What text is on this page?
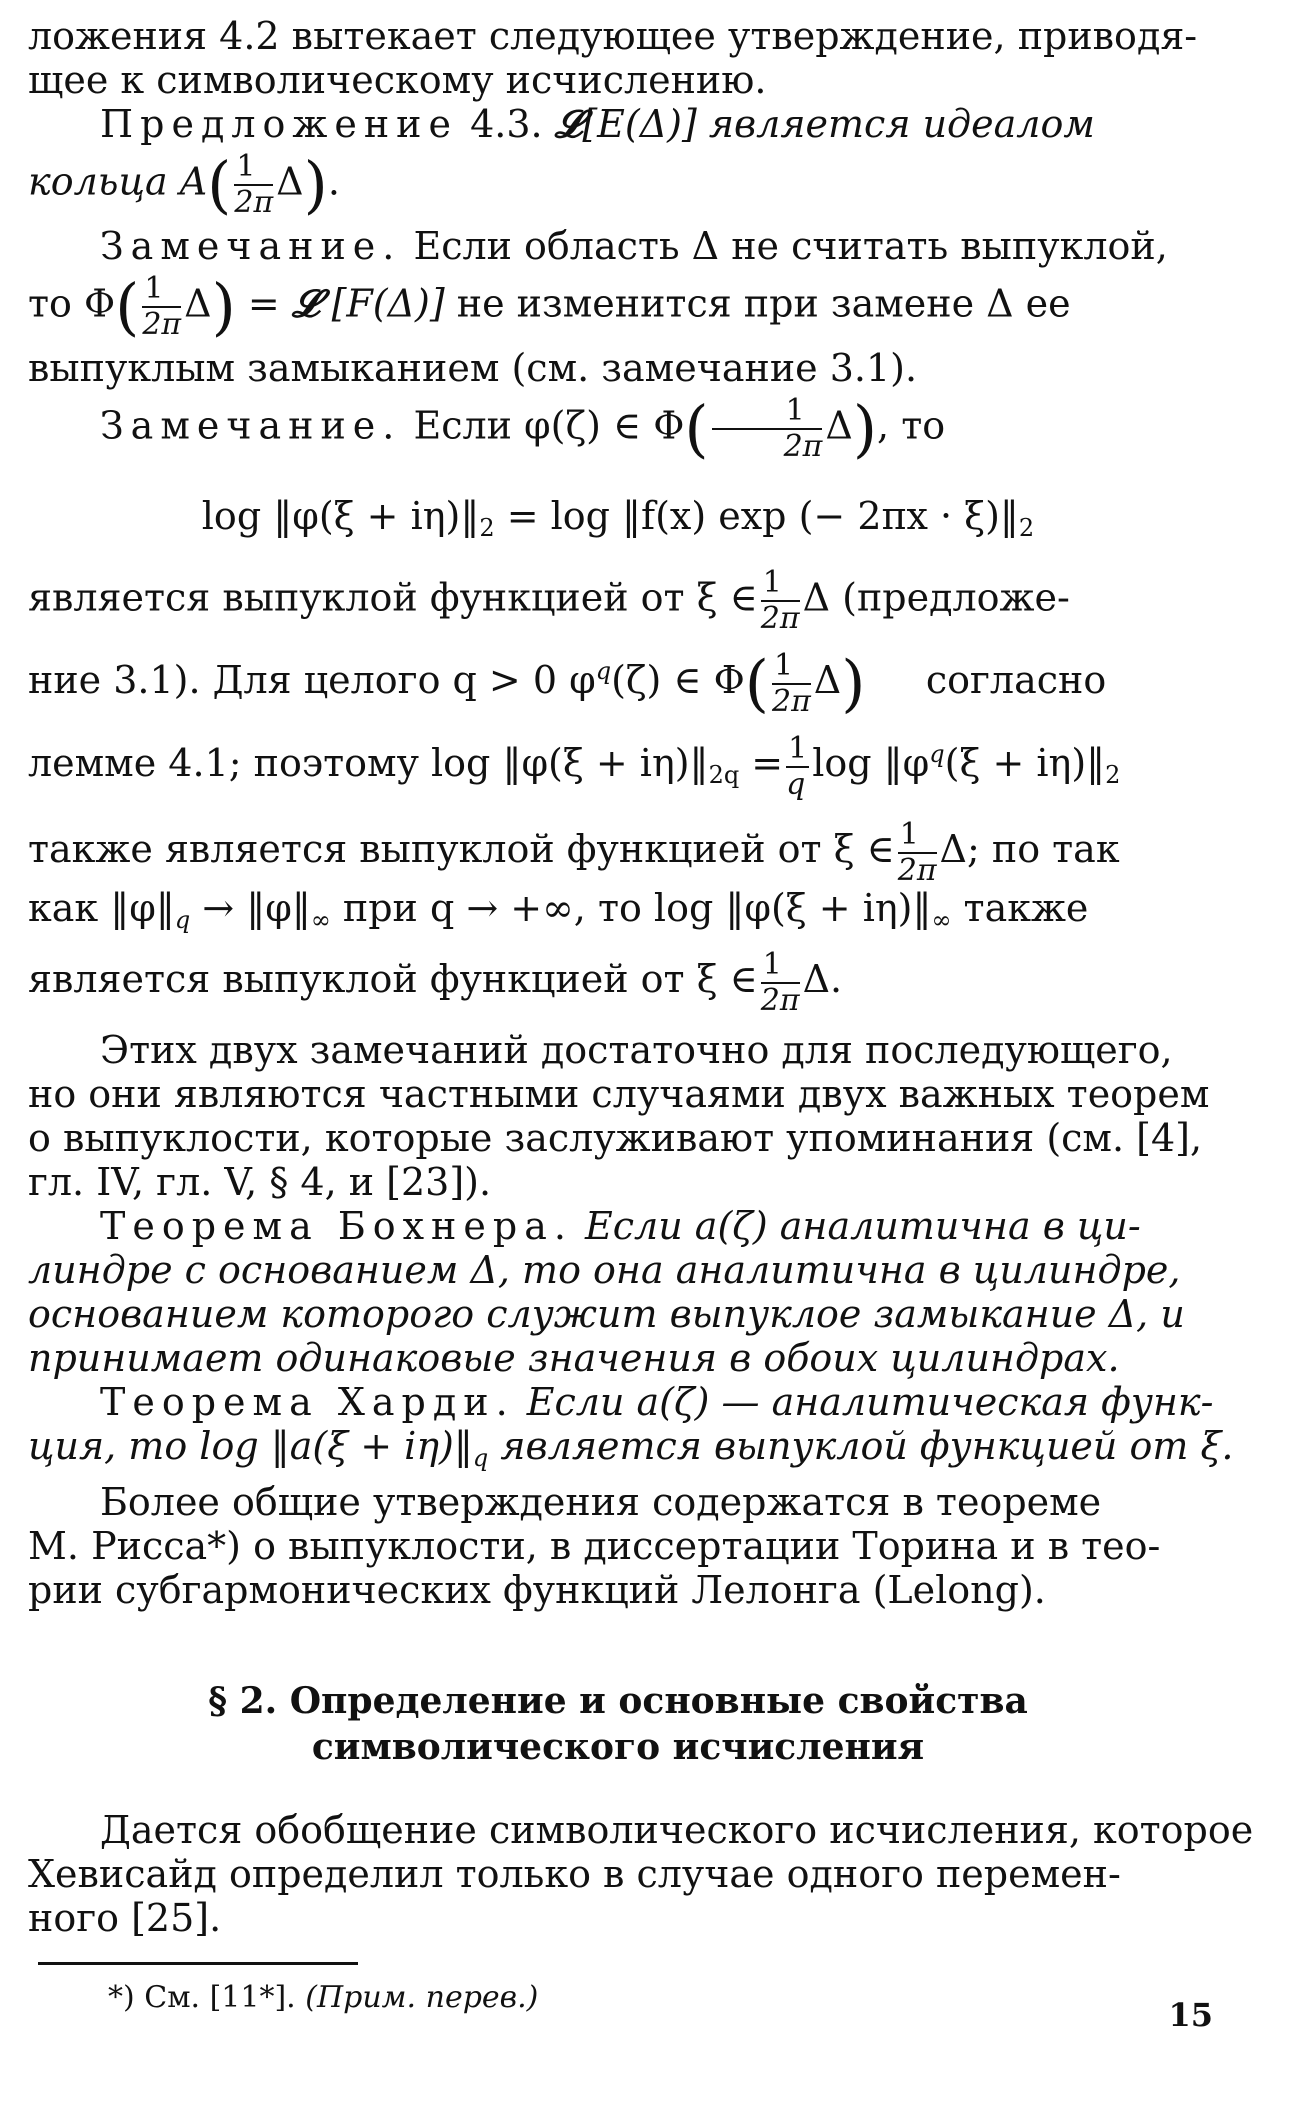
ложения 4.2 вытекает следующее утверждение, приводя-

щее к символическому исчислению.

Предложение 4.3. 𝓛[E(Δ)] является идеалом

кольца $A( \frac{1}{2\pi} \Delta)$.

Замечание. Если область Δ не считать выпуклой,

то $\Phi( \frac{1}{2\pi} \Delta)$ = 𝓛 [F(Δ)] не изменится при замене Δ ее

выпуклым замыканием (см. замечание 3.1).

Замечание. Если φ(ζ) ∈ $\Phi( \frac{1}{2\pi} \Delta)$, то

log ‖φ(ξ + $i\eta)‖_2 = \log$ ‖f(x) exp (− $2\pi x \cdot \xi)‖_2$

является выпуклой функцией от ξ ∈ $\frac{1}{2\pi}$ Δ (предложе-

ние 3.1). Для целого q > 0 $\varphi^q(\zeta)$ ∈ $\Phi( \frac{1}{2\pi} \Delta)$ согласно

лемме 4.1; поэтому log ‖φ(ξ + $i\eta)‖_{2q} = \frac{1}{q}$ $\log ‖\varphi^q(\xi$ + $i\eta)‖_2$

также является выпуклой функцией от ξ ∈ $\frac{1}{2\pi} \Delta$; по так

как $‖\varphi‖_q$ → $‖\varphi‖_\infty$ при q → +∞, то log ‖φ(ξ + $i\eta)‖_\infty$ также

является выпуклой функцией от ξ ∈ $\frac{1}{2\pi} \Delta$.

Этих двух замечаний достаточно для последующего,

но они являются частными случаями двух важных теорем

о выпуклости, которые заслуживают упоминания (см. [4],

гл. IV, гл. V, § 4, и [23]).

Теорема Бохнера. Если a(ζ) аналитична в ци-

линдре с основанием Δ, то она аналитична в цилиндре,

основанием которого служит выпуклое замыкание Δ, и

принимает одинаковые значения в обоих цилиндрах.

Теорема Харди. Если a(ζ) — аналитическая функ-

ция, то log ‖a(ξ + $i\eta)‖_q$ является выпуклой функцией от ξ.

Более общие утверждения содержатся в теореме

М. Рисса*) о выпуклости, в диссертации Торина и в тео-

рии субгармонических функций Лелонга (Lelong).

§ 2. Определение и основные свойства
символического исчисления

Дается обобщение символического исчисления, которое

Хевисайд определил только в случае одного перемен-

ного [25].

*) См. [11*]. (Прим. перев.)	15
